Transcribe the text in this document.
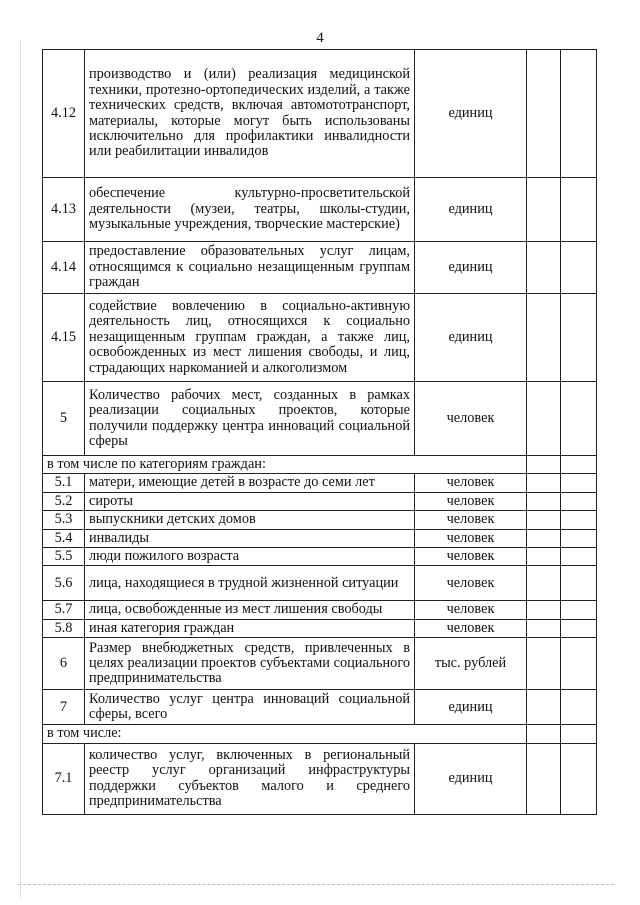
4
4.12	производство и (или) реализация медицинской техники, протезно-ортопедических изделий, а также технических средств, включая автомототранспорт, материалы, которые могут быть использованы исключительно для профилактики инвалидности или реабилитации инвалидов	единиц		
4.13	обеспечение культурно-просветительской деятельности (музеи, театры, школы-студии, музыкальные учреждения, творческие мастерские)	единиц		
4.14	предоставление образовательных услуг лицам, относящимся к социально незащищенным группам граждан	единиц		
4.15	содействие вовлечению в социально-активную деятельность лиц, относящихся к социально незащищенным группам граждан, а также лиц, освобожденных из мест лишения свободы, и лиц, страдающих наркоманией и алкоголизмом	единиц		
5	Количество рабочих мест, созданных в рамках реализации социальных проектов, которые получили поддержку центра инноваций социальной сферы	человек		
в том числе по категориям граждан:				
5.1	матери, имеющие детей в возрасте до семи лет	человек		
5.2	сироты	человек		
5.3	выпускники детских домов	человек		
5.4	инвалиды	человек		
5.5	люди пожилого возраста	человек		
5.6	лица, находящиеся в трудной жизненной ситуации	человек		
5.7	лица, освобожденные из мест лишения свободы	человек		
5.8	иная категория граждан	человек		
6	Размер внебюджетных средств, привлеченных в целях реализации проектов субъектами социального предпринимательства	тыс. рублей		
7	Количество услуг центра инноваций социальной сферы, всего	единиц		
в том числе:				
7.1	количество услуг, включенных в региональный реестр услуг организаций инфраструктуры поддержки субъектов малого и среднего предпринимательства	единиц		
